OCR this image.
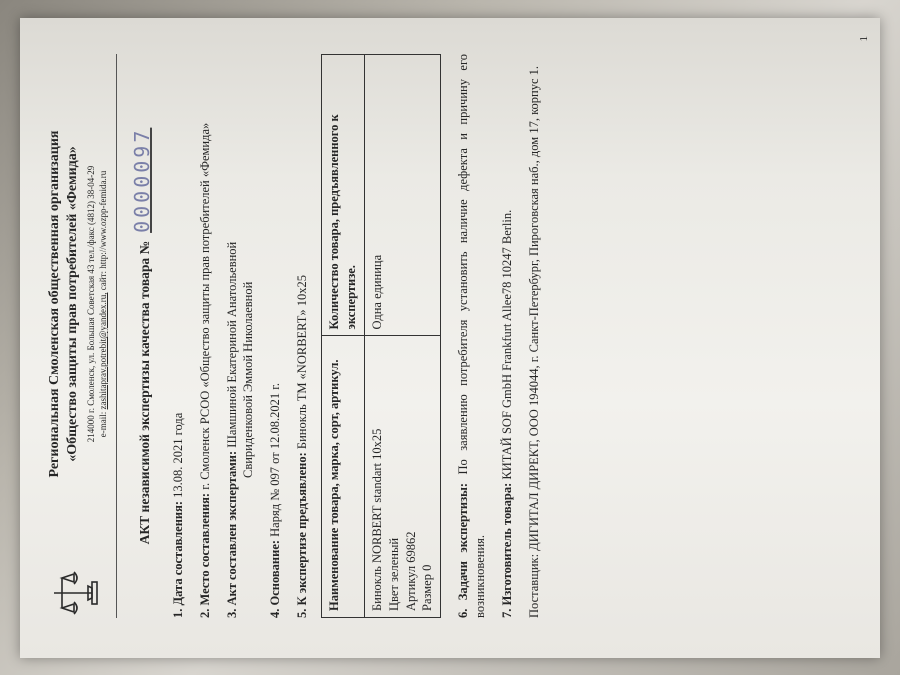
Региональная Смоленская общественная организация «Общество защиты прав потребителей «Фемида» 214000 г. Смоленск, ул. Большая Советская 43 тел./факс (4812) 38-04-29 e-mail: zashitaprav.potrebit@yandex.ru, сайт: http://www.ozpp-femida.ru
АКТ независимой экспертизы качества товара №
0000097
1. Дата составления: 13.08. 2021 года
2. Место составления: г. Смоленск РСОО «Общество защиты прав потребителей «Фемида»
3. Акт составлен экспертами: Шамшиной Екатериной Анатольевной Свириденковой Эммой Николаевной
4. Основание: Наряд № 097 от 12.08.2021 г. 5. К экспертизе предъявлено: Бинокль ТМ «NORBERT» 10х25 Наименование товара, марка, сорт, артикул.	Количество товара, предъявленного к экспертизе.

Бинокль NORBERT standart 10х25 Цвет зеленый Артикул 69862 Размер 0	Одна единица
6. Задачи экспертизы: По заявлению потребителя установить наличие дефекта и причину его возникновения. 7. Изготовитель товара: КИТАЙ SOF GmbH Frankfurt Allee78 10247 Berlin. Поставщик: ДИГИТАЛ ДИРЕКТ, ООО 194044, г. Санкт-Петербург, Пироговская наб., дом 17, корпус 1.
1
